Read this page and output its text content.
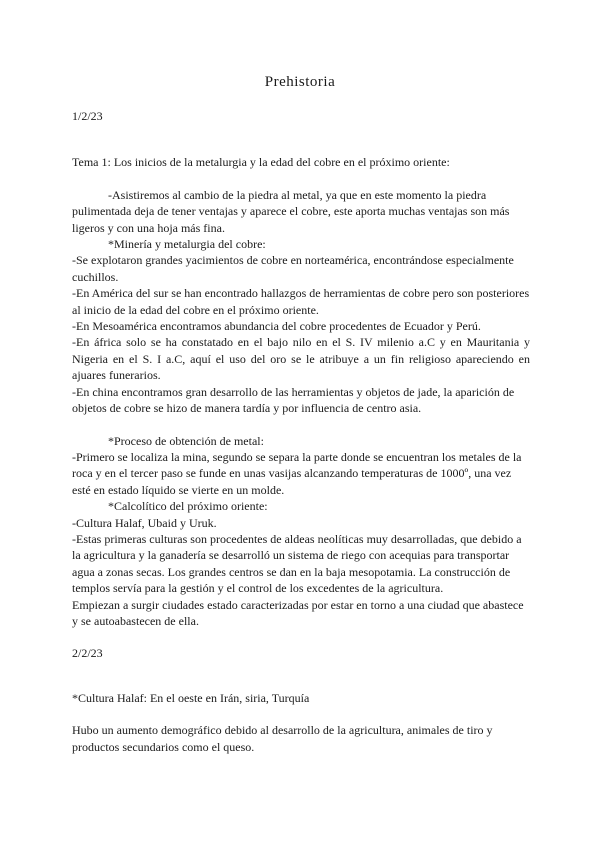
Prehistoria

1/2/23

Tema 1: Los inicios de la metalurgia y la edad del cobre en el próximo oriente:

-Asistiremos al cambio de la piedra al metal, ya que en este momento la piedra pulimentada deja de tener ventajas y aparece el cobre, este aporta muchas ventajas son más ligeros y con una hoja más fina.

*Minería y metalurgia del cobre:

-Se explotaron grandes yacimientos de cobre en norteamérica, encontrándose especialmente cuchillos.

-En América del sur se han encontrado hallazgos de herramientas de cobre pero son posteriores al inicio de la edad del cobre en el próximo oriente.

-En Mesoamérica encontramos abundancia del cobre procedentes de Ecuador y Perú.

-En áfrica solo se ha constatado en el bajo nilo en el S. IV milenio a.C y en Mauritania y Nigeria en el S. I a.C, aquí el uso del oro se le atribuye a un fin religioso apareciendo en ajuares funerarios.

-En china encontramos gran desarrollo de las herramientas y objetos de jade, la aparición de objetos de cobre se hizo de manera tardía y por influencia de centro asia.

*Proceso de obtención de metal:

-Primero se localiza la mina, segundo se separa la parte donde se encuentran los metales de la roca y en el tercer paso se funde en unas vasijas alcanzando temperaturas de 1000º, una vez esté en estado líquido se vierte en un molde.

*Calcolítico del próximo oriente:

-Cultura Halaf, Ubaid y Uruk.

-Estas primeras culturas son procedentes de aldeas neolíticas muy desarrolladas, que debido a la agricultura y la ganadería se desarrolló un sistema de riego con acequias para transportar agua a zonas secas. Los grandes centros se dan en la baja mesopotamia. La construcción de templos servía para la gestión y el control de los excedentes de la agricultura.

Empiezan a surgir ciudades estado caracterizadas por estar en torno a una ciudad que abastece y se autoabastecen de ella.

2/2/23

*Cultura Halaf: En el oeste en Irán, siria, Turquía

Hubo un aumento demográfico debido al desarrollo de la agricultura, animales de tiro y productos secundarios como el queso.
